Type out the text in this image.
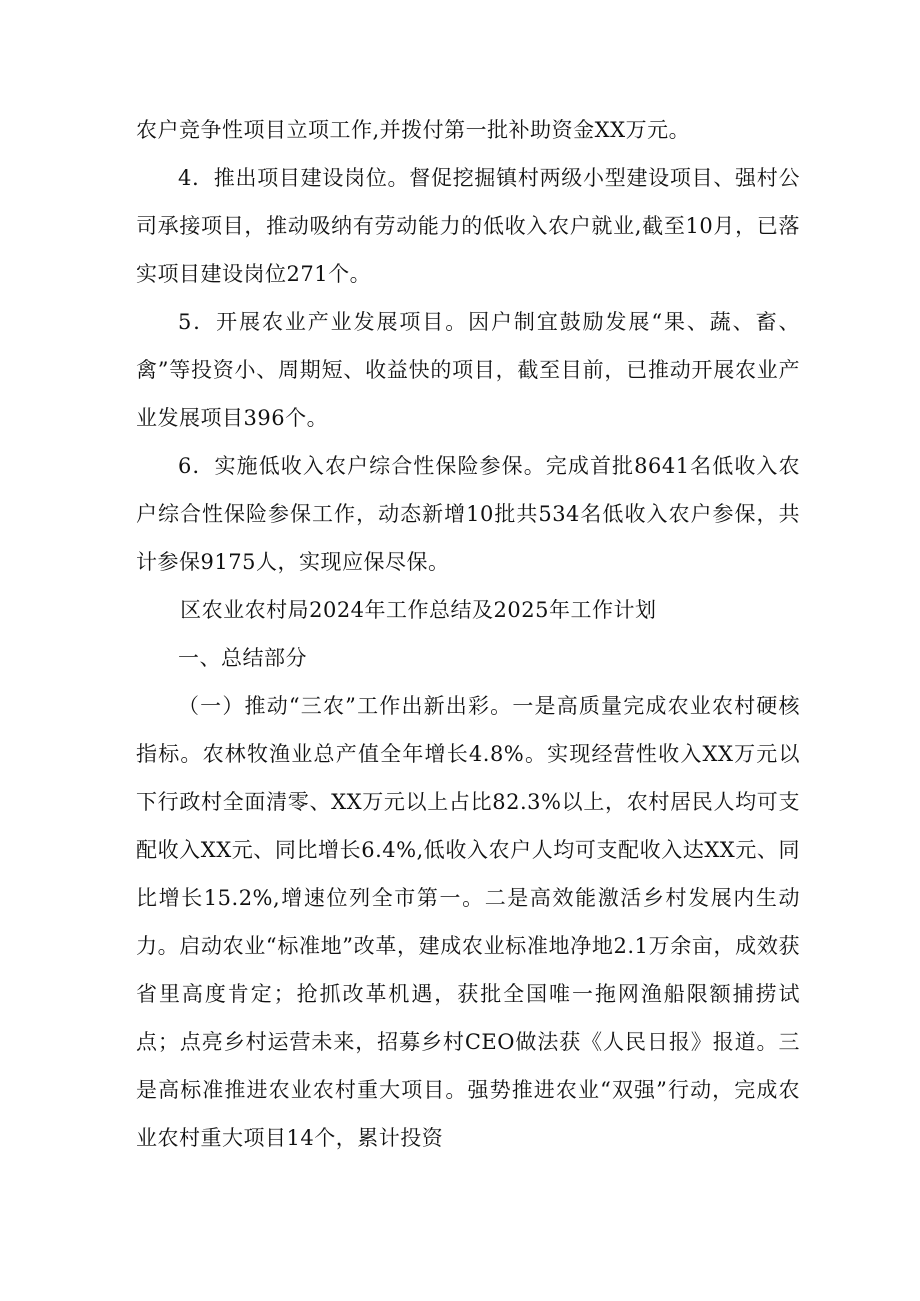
农户竞争性项目立项工作,并拨付第一批补助资金XX万元。

4．推出项目建设岗位。督促挖掘镇村两级小型建设项目、强村公司承接项目，推动吸纳有劳动能力的低收入农户就业,截至10月，已落实项目建设岗位271个。

5．开展农业产业发展项目。因户制宜鼓励发展“果、蔬、畜、禽”等投资小、周期短、收益快的项目，截至目前，已推动开展农业产业发展项目396个。

6．实施低收入农户综合性保险参保。完成首批8641名低收入农户综合性保险参保工作，动态新增10批共534名低收入农户参保，共计参保9175人，实现应保尽保。

区农业农村局2024年工作总结及2025年工作计划

一、总结部分

（一）推动“三农”工作出新出彩。一是高质量完成农业农村硬核指标。农林牧渔业总产值全年增长4.8%。实现经营性收入XX万元以下行政村全面清零、XX万元以上占比82.3%以上，农村居民人均可支配收入XX元、同比增长6.4%,低收入农户人均可支配收入达XX元、同比增长15.2%,增速位列全市第一。二是高效能激活乡村发展内生动力。启动农业“标准地”改革，建成农业标准地净地2.1万余亩，成效获省里高度肯定；抢抓改革机遇，获批全国唯一拖网渔船限额捕捞试点；点亮乡村运营未来，招募乡村CEO做法获《人民日报》报道。三是高标准推进农业农村重大项目。强势推进农业“双强”行动，完成农业农村重大项目14个，累计投资
